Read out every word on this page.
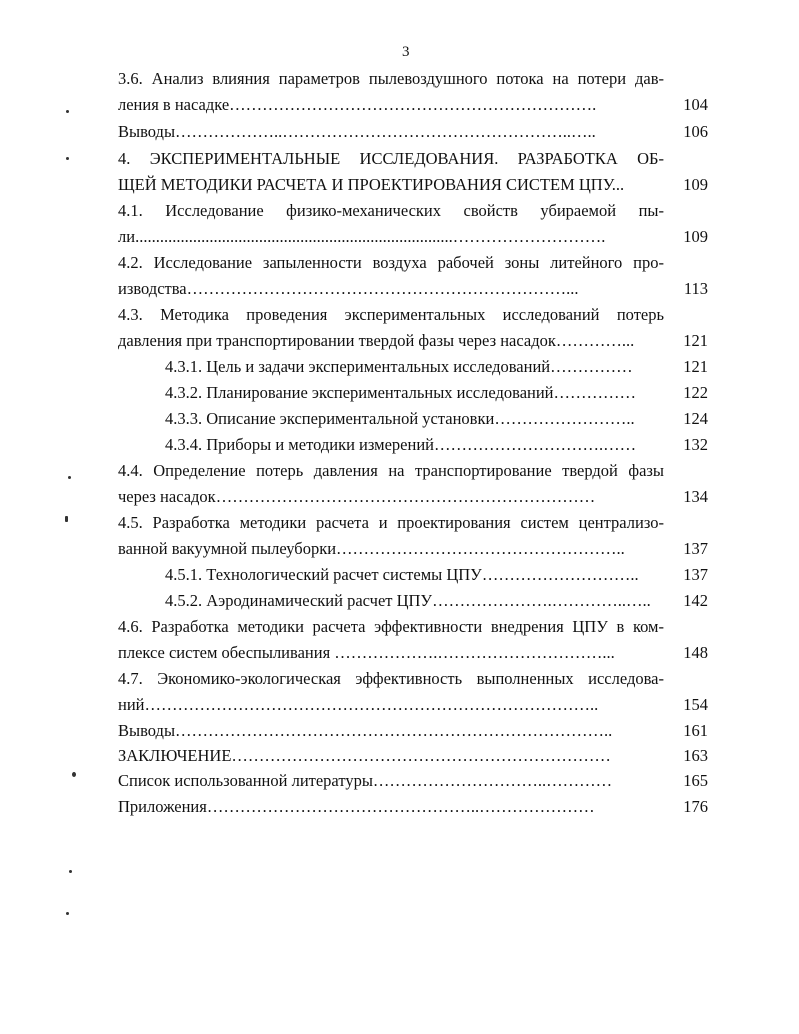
3
3.6. Анализ влияния параметров пылевоздушного потока на потери дав-
ления в насадке………………………………………………………….	104
Выводы………………..……………………………………………..…..	106
4. ЭКСПЕРИМЕНТАЛЬНЫЕ ИССЛЕДОВАНИЯ. РАЗРАБОТКА ОБ-
ЩЕЙ МЕТОДИКИ РАСЧЕТА И ПРОЕКТИРОВАНИЯ СИСТЕМ ЦПУ...	109
4.1. Исследование физико-механических свойств убираемой пы-
ли.............................................................................……………………….	109
4.2. Исследование запыленности воздуха рабочей зоны литейного про-
изводства……………………………………………………………...	113
4.3. Методика проведения экспериментальных исследований потерь
давления при транспортировании твердой фазы через насадок…………...	121
4.3.1. Цель и задачи экспериментальных исследований……………	121
4.3.2. Планирование экспериментальных исследований……………	122
4.3.3. Описание экспериментальной установки……………………..	124
4.3.4. Приборы и методики измерений………………………….……	132
4.4. Определение потерь давления на транспортирование твердой фазы
через насадок……………………………………………………………	134
4.5. Разработка методики расчета и проектирования систем централизо-
ванной вакуумной пылеуборки……………………………………………..	137
4.5.1. Технологический расчет системы ЦПУ………………………..	137
4.5.2. Аэродинамический расчет ЦПУ………………….…………..…..	142
4.6. Разработка методики расчета эффективности внедрения ЦПУ в ком-
плексе систем обеспыливания ……………….…………………………...	148
4.7. Экономико-экологическая эффективность выполненных исследова-
ний………………………………………………………………………..	154
Выводы……………………………………………………………………..	161
ЗАКЛЮЧЕНИЕ……………………………………………………………	163
Список использованной литературы…………………………..…………	165
Приложения…………………………………………..…………………	176
